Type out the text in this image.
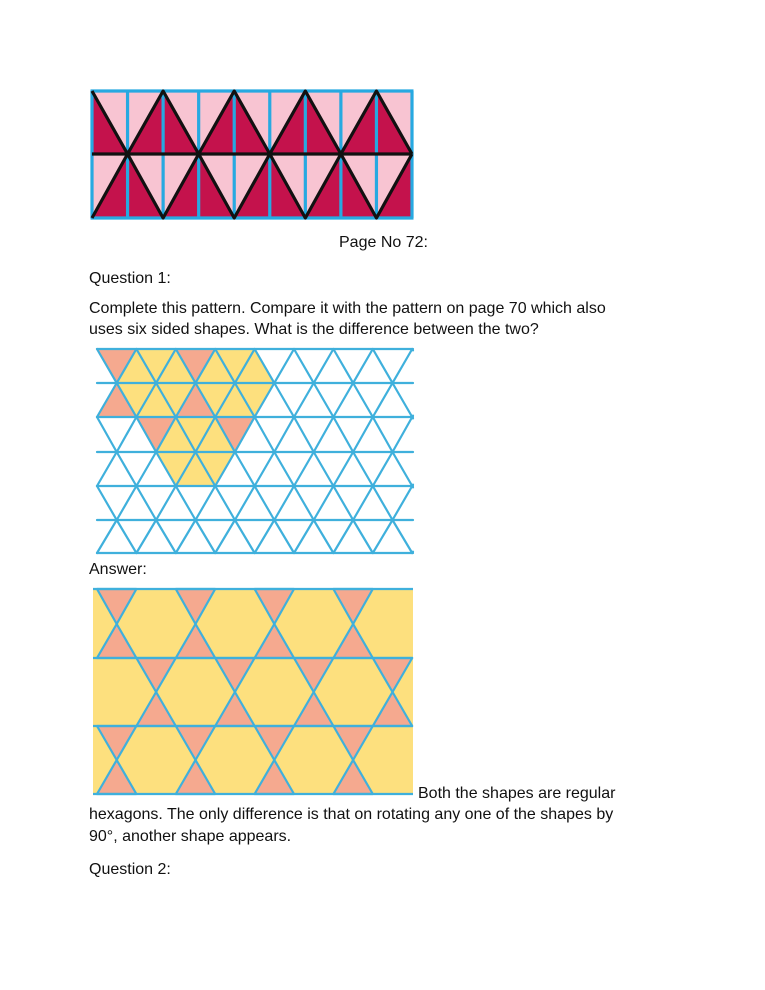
Page No 72:
Question 1:
Complete this pattern. Compare it with the pattern on page 70 which also
uses six sided shapes. What is the difference between the two?
Answer:
Both the shapes are regular
hexagons. The only difference is that on rotating any one of the shapes by
90°, another shape appears.
Question 2:
